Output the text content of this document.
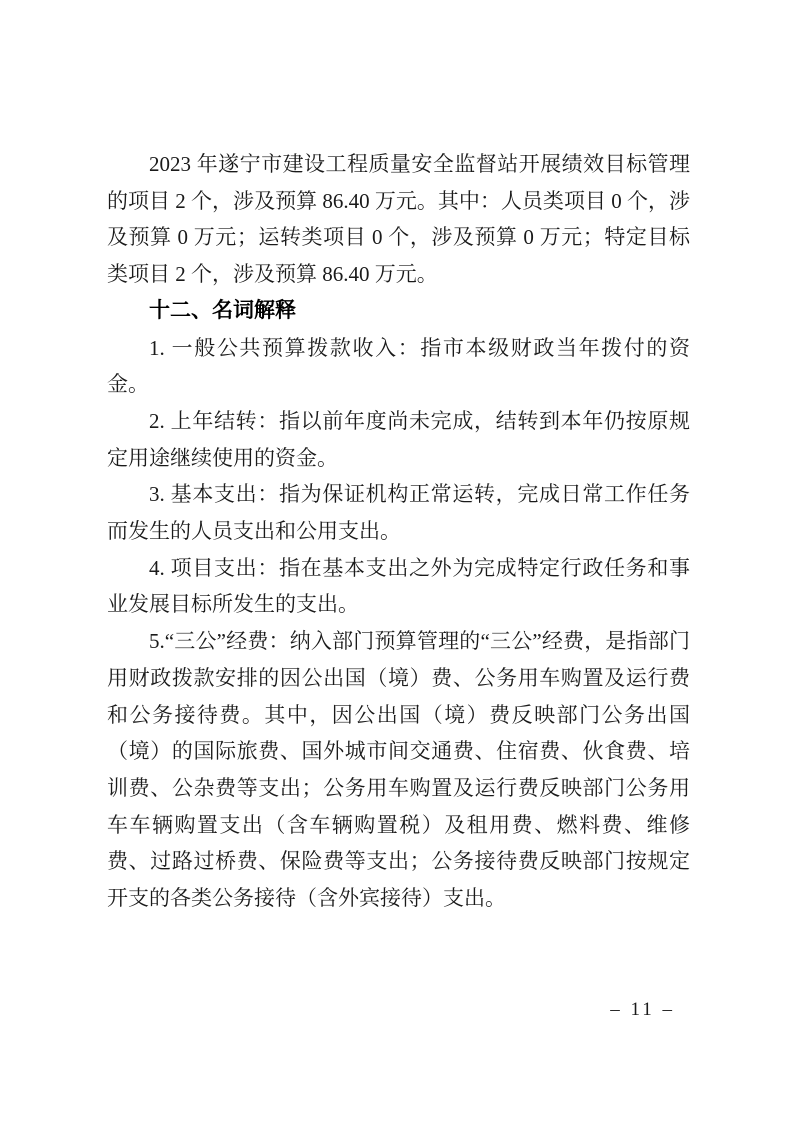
2023 年遂宁市建设工程质量安全监督站开展绩效目标管理的项目 2 个，涉及预算 86.40 万元。其中：人员类项目 0 个，涉及预算 0 万元；运转类项目 0 个，涉及预算 0 万元；特定目标类项目 2 个，涉及预算 86.40 万元。

十二、名词解释

1. 一般公共预算拨款收入：指市本级财政当年拨付的资金。

2. 上年结转：指以前年度尚未完成，结转到本年仍按原规定用途继续使用的资金。

3. 基本支出：指为保证机构正常运转，完成日常工作任务而发生的人员支出和公用支出。

4. 项目支出：指在基本支出之外为完成特定行政任务和事业发展目标所发生的支出。

5.“三公”经费：纳入部门预算管理的“三公”经费，是指部门用财政拨款安排的因公出国（境）费、公务用车购置及运行费和公务接待费。其中，因公出国（境）费反映部门公务出国（境）的国际旅费、国外城市间交通费、住宿费、伙食费、培训费、公杂费等支出；公务用车购置及运行费反映部门公务用车车辆购置支出（含车辆购置税）及租用费、燃料费、维修费、过路过桥费、保险费等支出；公务接待费反映部门按规定开支的各类公务接待（含外宾接待）支出。

– 11 –
